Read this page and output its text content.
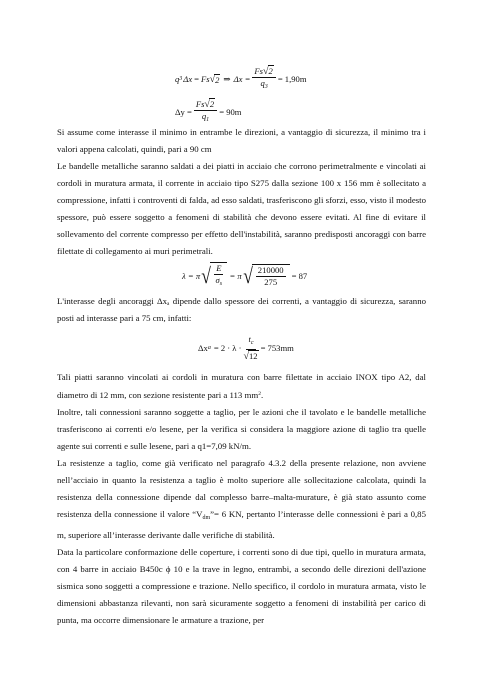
q 3 Δx = Fs √ 2 ⇒ $\Delta x = \frac{Fs√2}{q_3} = 1,90m$
$\Delta y = \frac{Fs√2}{q_1} = 90m$

Si assume come interasse il minimo in entrambe le direzioni, a vantaggio di sicurezza, il minimo tra i valori appena calcolati, quindi, pari a 90 cm

Le bandelle metalliche saranno saldati a dei piatti in acciaio che corrono perimetralmente e vincolati ai cordoli in muratura armata, il corrente in acciaio tipo S275 dalla sezione 100 x 156 mm è sollecitato a compressione, infatti i controventi di falda, ad esso saldati, trasferiscono gli sforzi, esso, visto il modesto spessore, può essere soggetto a fenomeni di stabilità che devono essere evitati. Al fine di evitare il sollevamento del corrente compresso per effetto dell'instabilità, saranno predisposti ancoraggi con barre filettate di collegamento ai muri perimetrali.

λ = π √ $\frac{E}{\sigma_s} = \pi$ √ $\frac{210000}{275} = 87$

L'interasse degli ancoraggi Δxₐ dipende dallo spessore dei correnti, a vantaggio di sicurezza, saranno posti ad interasse pari a 75 cm, infatti:

Δx $a = 2 \cdot \lambda \cdot \frac{t_c}{√12} = 753mm$

Tali piatti saranno vincolati ai cordoli in muratura con barre filettate in acciaio INOX tipo A2, dal diametro di 12 mm, con sezione resistente pari a 113 $mm^2$.

Inoltre, tali connessioni saranno soggette a taglio, per le azioni che il tavolato e le bandelle metalliche trasferiscono ai correnti e/o lesene, per la verifica si considera la maggiore azione di taglio tra quelle agente sui correnti e sulle lesene, pari a q1=7,09 kN/m.

La resistenze a taglio, come già verificato nel paragrafo 4.3.2 della presente relazione, non avviene nell’acciaio in quanto la resistenza a taglio è molto superiore alle sollecitazione calcolata, quindi la resistenza della connessione dipende dal complesso barre–malta-murature, è già stato assunto come resistenza della connessione il valore “$V_{dm}”= 6$ KN, pertanto l’interasse delle connessioni è pari a 0,85 m, superiore all’interasse derivante dalle verifiche di stabilità.

Data la particolare conformazione delle coperture, i correnti sono di due tipi, quello in muratura armata, con 4 barre in acciaio B450c ϕ 10 e la trave in legno, entrambi, a secondo delle direzioni dell'azione sismica sono soggetti a compressione e trazione. Nello specifico, il cordolo in muratura armata, visto le dimensioni abbastanza rilevanti, non sarà sicuramente soggetto a fenomeni di instabilità per carico di punta, ma occorre dimensionare le armature a trazione, per
